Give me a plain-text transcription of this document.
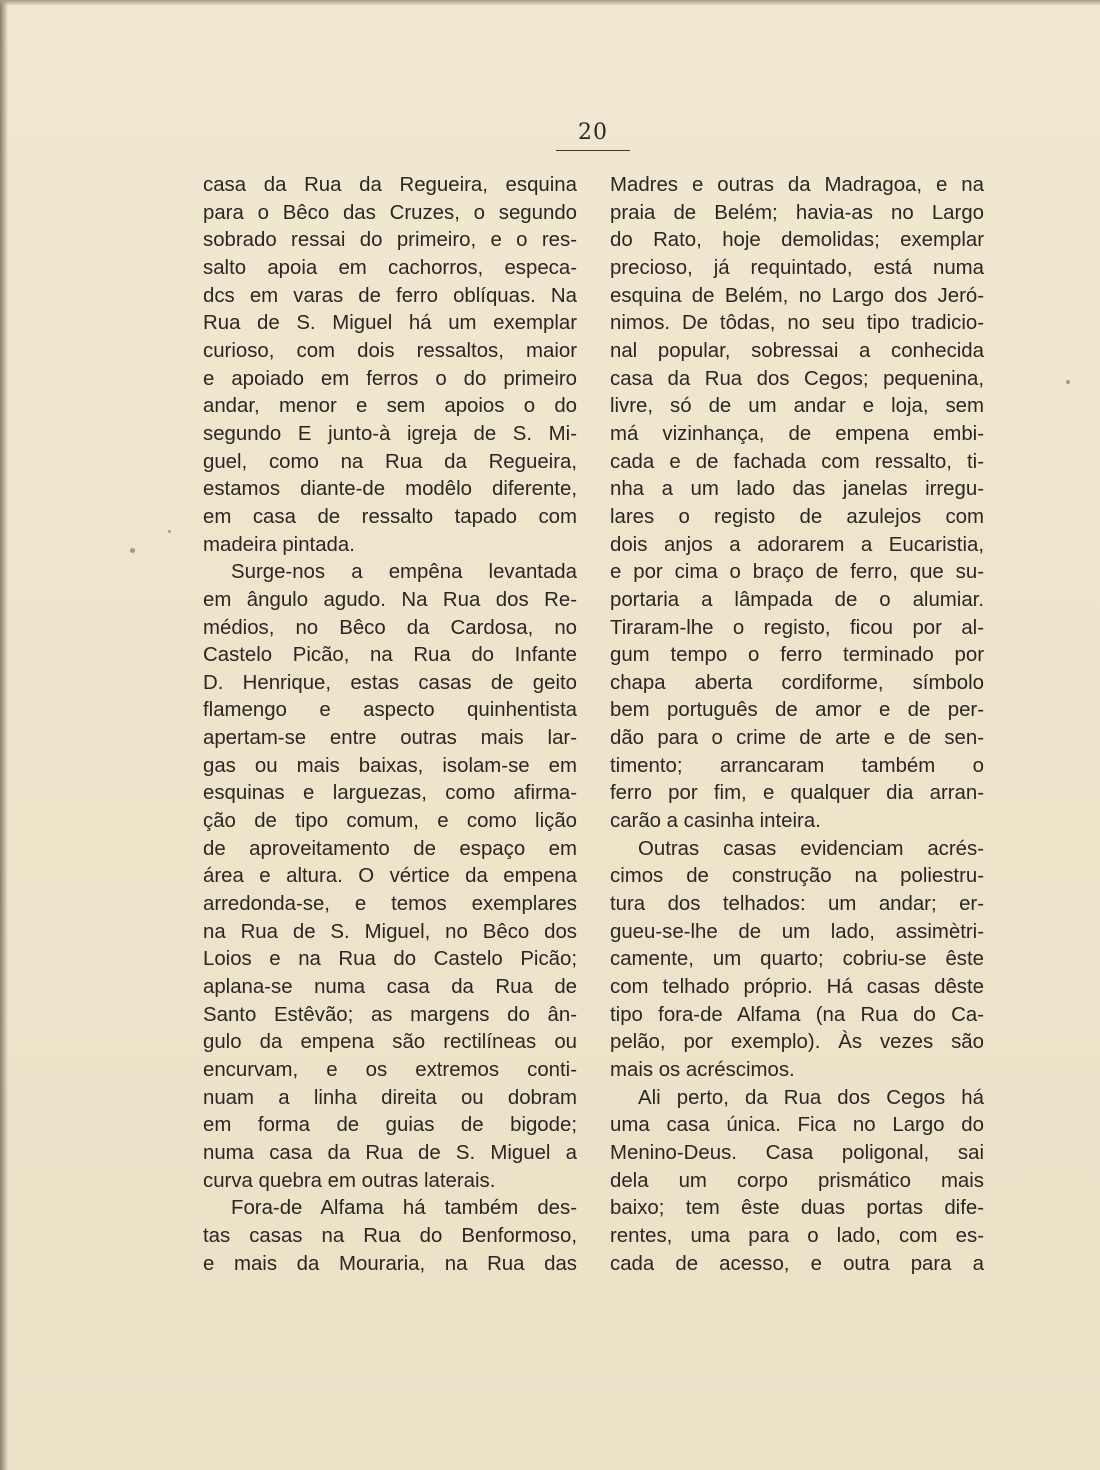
20
casa da Rua da Regueira, esquina
para o Bêco das Cruzes, o segundo
sobrado ressai do primeiro, e o res-
salto apoia em cachorros, especa-
dcs em varas de ferro oblíquas. Na
Rua de S. Miguel há um exemplar
curioso, com dois ressaltos, maior
e apoiado em ferros o do primeiro
andar, menor e sem apoios o do
segundo E junto-à igreja de S. Mi-
guel, como na Rua da Regueira,
estamos diante-de modêlo diferente,
em casa de ressalto tapado com
madeira pintada.
Surge-nos a empêna levantada
em ângulo agudo. Na Rua dos Re-
médios, no Bêco da Cardosa, no
Castelo Picão, na Rua do Infante
D. Henrique, estas casas de geito
flamengo e aspecto quinhentista
apertam-se entre outras mais lar-
gas ou mais baixas, isolam-se em
esquinas e larguezas, como afirma-
ção de tipo comum, e como lição
de aproveitamento de espaço em
área e altura. O vértice da empena
arredonda-se, e temos exemplares
na Rua de S. Miguel, no Bêco dos
Loios e na Rua do Castelo Picão;
aplana-se numa casa da Rua de
Santo Estêvão; as margens do ân-
gulo da empena são rectilíneas ou
encurvam, e os extremos conti-
nuam a linha direita ou dobram
em forma de guias de bigode;
numa casa da Rua de S. Miguel a
curva quebra em outras laterais.
Fora-de Alfama há também des-
tas casas na Rua do Benformoso,
e mais da Mouraria, na Rua das
Madres e outras da Madragoa, e na
praia de Belém; havia-as no Largo
do Rato, hoje demolidas; exemplar
precioso, já requintado, está numa
esquina de Belém, no Largo dos Jeró-
nimos. De tôdas, no seu tipo tradicio-
nal popular, sobressai a conhecida
casa da Rua dos Cegos; pequenina,
livre, só de um andar e loja, sem
má vizinhança, de empena embi-
cada e de fachada com ressalto, ti-
nha a um lado das janelas irregu-
lares o registo de azulejos com
dois anjos a adorarem a Eucaristia,
e por cima o braço de ferro, que su-
portaria a lâmpada de o alumiar.
Tiraram-lhe o registo, ficou por al-
gum tempo o ferro terminado por
chapa aberta cordiforme, símbolo
bem português de amor e de per-
dão para o crime de arte e de sen-
timento; arrancaram também o
ferro por fim, e qualquer dia arran-
carão a casinha inteira.
Outras casas evidenciam acrés-
cimos de construção na poliestru-
tura dos telhados: um andar; er-
gueu-se-lhe de um lado, assimètri-
camente, um quarto; cobriu-se êste
com telhado próprio. Há casas dêste
tipo fora-de Alfama (na Rua do Ca-
pelão, por exemplo). Às vezes são
mais os acréscimos.
Ali perto, da Rua dos Cegos há
uma casa única. Fica no Largo do
Menino-Deus. Casa poligonal, sai
dela um corpo prismático mais
baixo; tem êste duas portas dife-
rentes, uma para o lado, com es-
cada de acesso, e outra para a
